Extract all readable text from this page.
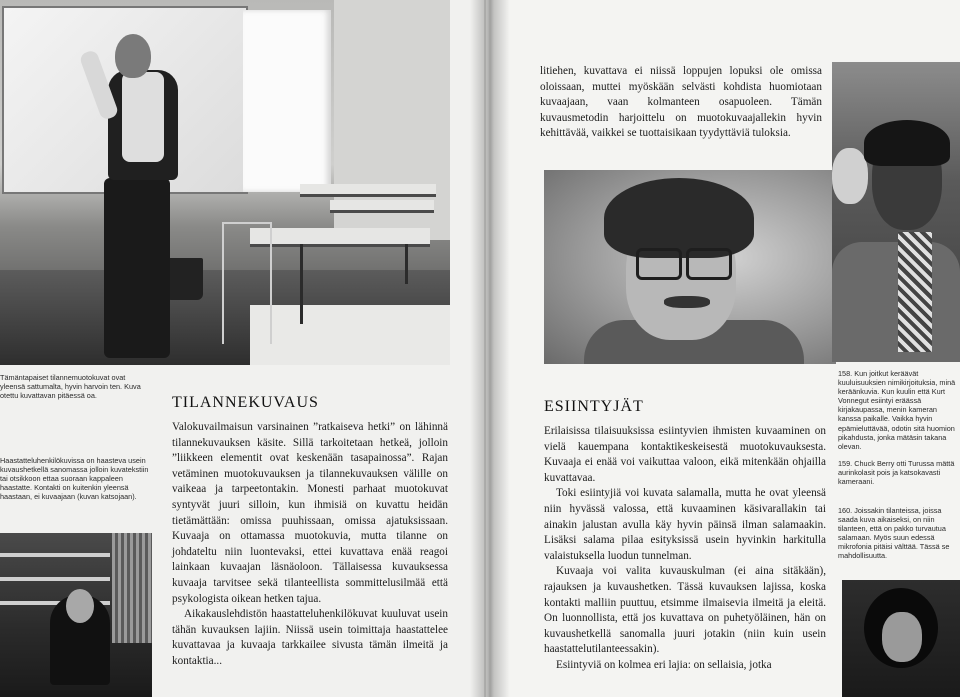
Tämäntapaiset tilannemuotokuvat ovat yleensä sattumalta, hyvin harvoin ten. Kuva otettu kuvattavan pitäessä oa.

Haastatteluhenkilökuvissa on haasteva usein kuvaushetkellä sanomassa jolloin kuvatekstiin tai otsikkoon ettaa suoraan kappaleen haastatte. Kontakti on kuitenkin yleensä haastaan, ei kuvaajaan (kuvan katsojaan).

TILANNEKUVAUS

Valokuvailmaisun varsinainen ”ratkaiseva hetki” on lähinnä tilannekuvauksen käsite. Sillä tarkoitetaan hetkeä, jolloin ”liikkeen elementit ovat keskenään tasapainossa”. Rajan vetäminen muotokuvauksen ja tilannekuvauksen välille on vaikeaa ja tarpeetontakin. Monesti parhaat muotokuvat syntyvät juuri silloin, kun ihmisiä on kuvattu heidän tietämättään: omissa puuhissaan, omissa ajatuksissaan. Kuvaaja on ottamassa muotokuvia, mutta tilanne on johdateltu niin luontevaksi, ettei kuvattava enää reagoi lainkaan kuvaajan läsnäoloon. Tällaisessa kuvauksessa kuvaaja tarvitsee sekä tilanteellista sommittelusilmää että psykologista oikean hetken tajua.

Aikakauslehdistön haastatteluhenkilökuvat kuuluvat usein tähän kuvauksen lajiin. Niissä usein toimittaja haastattelee kuvattavaa ja kuvaaja tarkkailee sivusta tämän ilmeitä ja kontaktia...

litiehen, kuvattava ei niissä loppujen lopuksi ole omissa oloissaan, muttei myöskään selvästi kohdista huomiotaan kuvaajaan, vaan kolmanteen osapuoleen. Tämän kuvausmetodin harjoittelu on muotokuvaajallekin hyvin kehittävää, vaikkei se tuottaisikaan tyydyttäviä tuloksia.

158. Kun joitkut keräävät kuuluisuuksien nimikirjoituksia, minä keräänkuvia. Kun kuulin että Kurt Vonnegut esiintyi eräässä kirjakaupassa, menin kameran kanssa paikalle. Vaikka hyvin epämieluttävää, odotin sitä huomion pikahdusta, jonka mätäsin takana olevan.

159. Chuck Berry otti Turussa mättä aurinkolasit pois ja katsokavasti kameraani.

160. Joissakin tilanteissa, joissa saada kuva aikaiseksi, on niin tilanteen, että on pakko turvautua salamaan. Myös suun edessä mikrofonia pitäisi välttää. Tässä se mahdollisuutta.

ESIINTYJÄT

Erilaisissa tilaisuuksissa esiintyvien ihmisten kuvaaminen on vielä kauempana kontaktikeskeisestä muotokuvauksesta. Kuvaaja ei enää voi vaikuttaa valoon, eikä mitenkään ohjailla kuvattavaa.

Toki esiintyjiä voi kuvata salamalla, mutta he ovat yleensä niin hyvässä valossa, että kuvaaminen käsivarallakin tai ainakin jalustan avulla käy hyvin päinsä ilman salamaakin. Lisäksi salama pilaa esityksissä usein hyvinkin harkitulla valaistuksella luodun tunnelman.

Kuvaaja voi valita kuvauskulman (ei aina sitäkään), rajauksen ja kuvaushetken. Tässä kuvauksen lajissa, koska kontakti malliin puuttuu, etsimme ilmaisevia ilmeitä ja eleitä. On luonnollista, että jos kuvattava on puhetyöläinen, hän on kuvaushetkellä sanomalla juuri jotakin (niin kuin usein haastattelutilanteessakin).

Esiintyviä on kolmea eri lajia: on sellaisia, jotka
